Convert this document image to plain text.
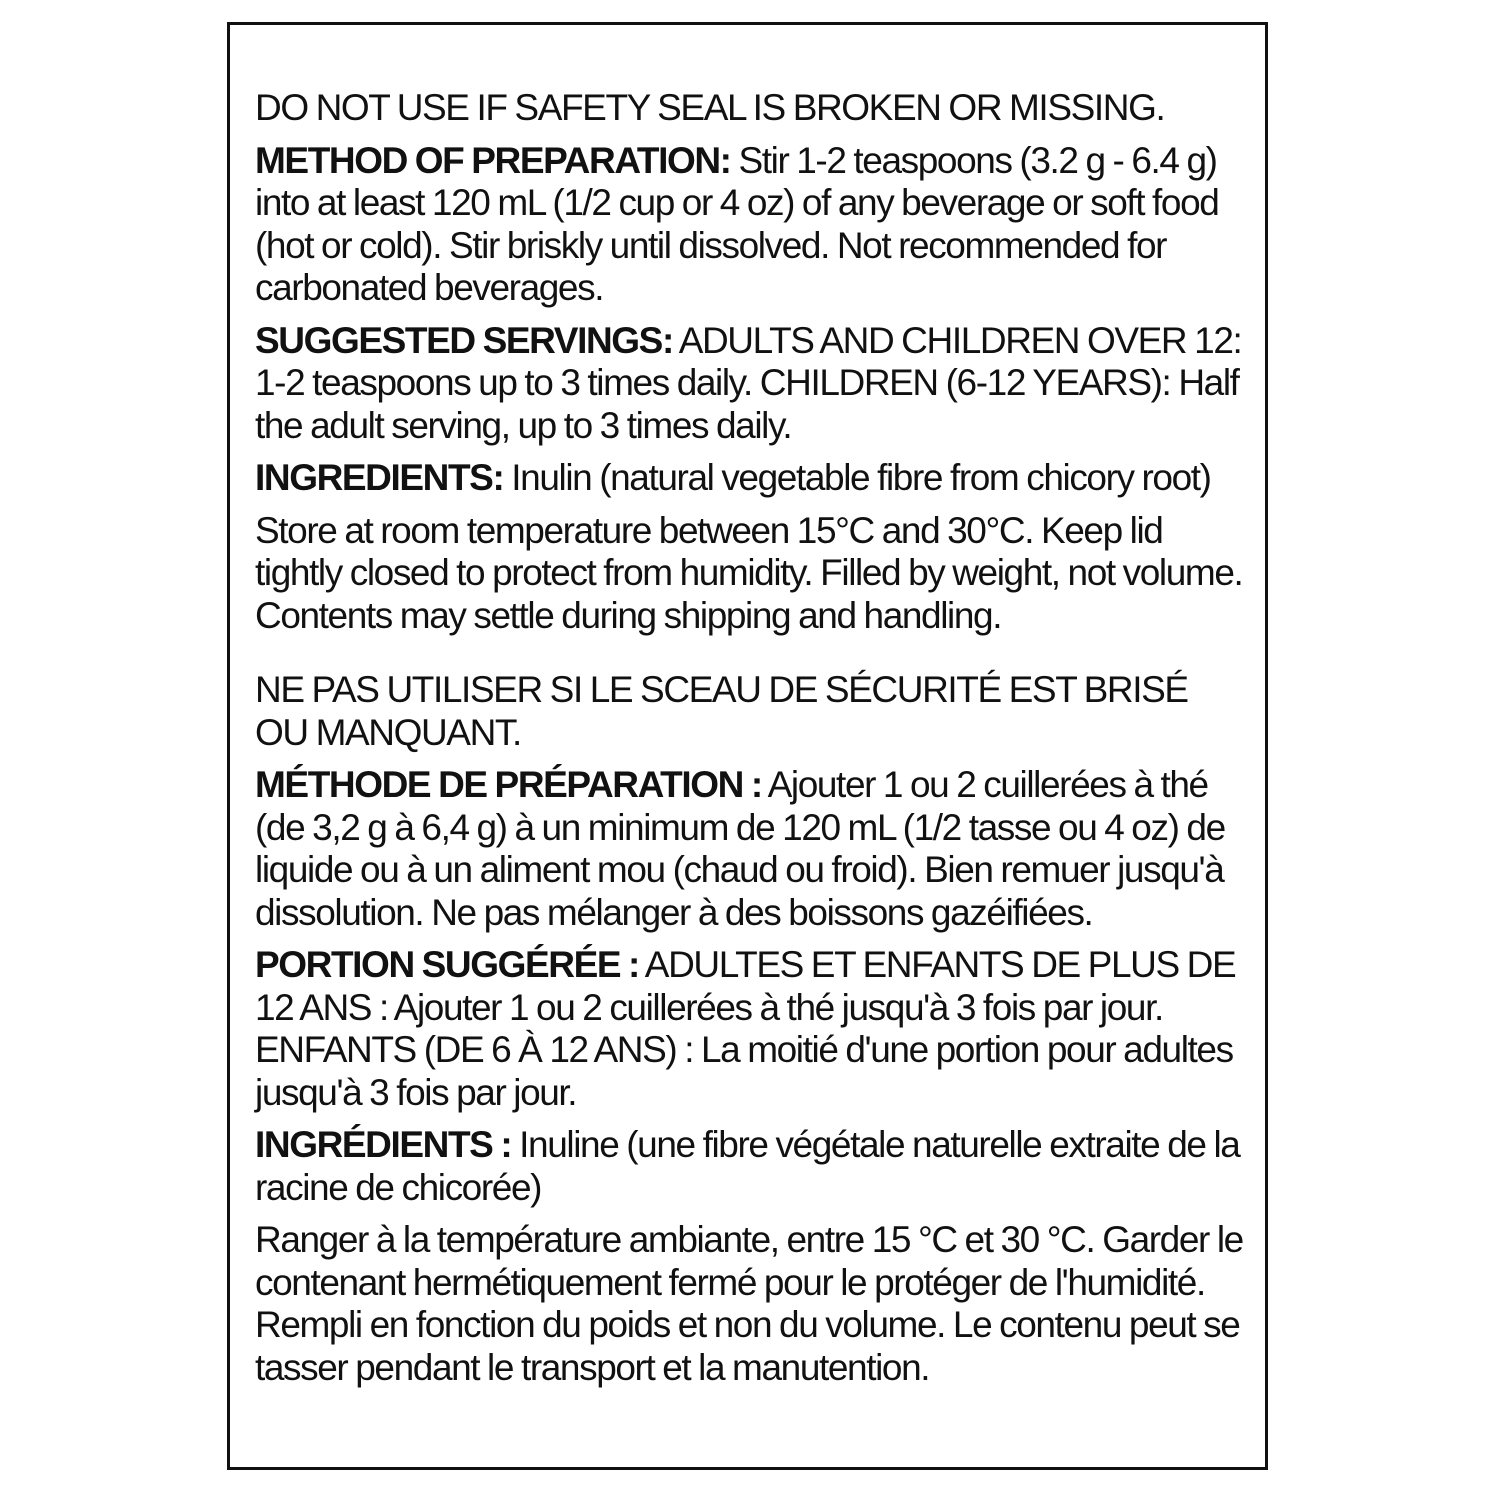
DO NOT USE IF SAFETY SEAL IS BROKEN OR MISSING.

METHOD OF PREPARATION: Stir 1-2 teaspoons (3.2 g - 6.4 g) into at least 120 mL (1/2 cup or 4 oz) of any beverage or soft food (hot or cold). Stir briskly until dissolved. Not recommended for carbonated beverages.

SUGGESTED SERVINGS: ADULTS AND CHILDREN OVER 12: 1-2 teaspoons up to 3 times daily. CHILDREN (6-12 YEARS): Half the adult serving, up to 3 times daily.

INGREDIENTS: Inulin (natural vegetable fibre from chicory root)

Store at room temperature between 15°C and 30°C. Keep lid tightly closed to protect from humidity. Filled by weight, not volume. Contents may settle during shipping and handling.

NE PAS UTILISER SI LE SCEAU DE SÉCURITÉ EST BRISÉ OU MANQUANT.

MÉTHODE DE PRÉPARATION : Ajouter 1 ou 2 cuillerées à thé (de 3,2 g à 6,4 g) à un minimum de 120 mL (1/2 tasse ou 4 oz) de liquide ou à un aliment mou (chaud ou froid). Bien remuer jusqu'à dissolution. Ne pas mélanger à des boissons gazéifiées.

PORTION SUGGÉRÉE : ADULTES ET ENFANTS DE PLUS DE 12 ANS : Ajouter 1 ou 2 cuillerées à thé jusqu'à 3 fois par jour. ENFANTS (DE 6 À 12 ANS) : La moitié d'une portion pour adultes jusqu'à 3 fois par jour.

INGRÉDIENTS : Inuline (une fibre végétale naturelle extraite de la racine de chicorée)

Ranger à la température ambiante, entre 15 °C et 30 °C. Garder le contenant hermétiquement fermé pour le protéger de l'humidité. Rempli en fonction du poids et non du volume. Le contenu peut se tasser pendant le transport et la manutention.
